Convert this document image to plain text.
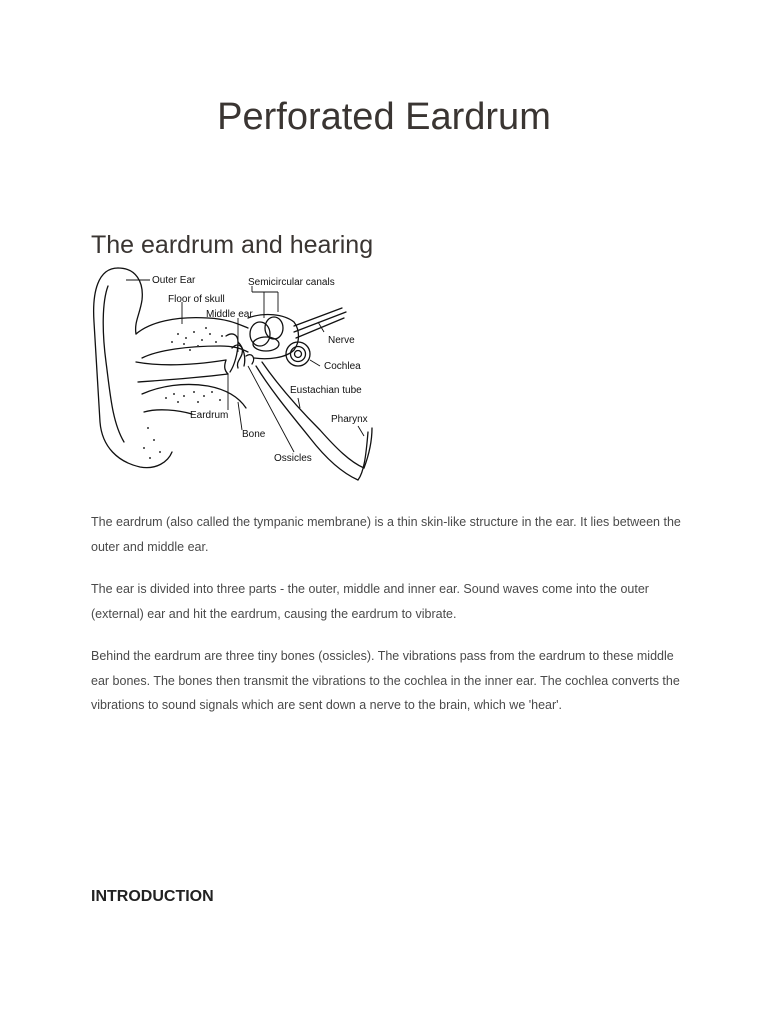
Perforated Eardrum
The eardrum and hearing
Outer Ear
Floor of skull
Middle ear
Semicircular canals
Nerve
Cochlea
Eustachian tube
Pharynx
Eardrum
Bone
Ossicles

The eardrum (also called the tympanic membrane) is a thin skin-like structure in the ear. It lies between the outer and middle ear.

The ear is divided into three parts - the outer, middle and inner ear. Sound waves come into the outer (external) ear and hit the eardrum, causing the eardrum to vibrate.

Behind the eardrum are three tiny bones (ossicles). The vibrations pass from the eardrum to these middle ear bones. The bones then transmit the vibrations to the cochlea in the inner ear. The cochlea converts the vibrations to sound signals which are sent down a nerve to the brain, which we 'hear'.

INTRODUCTION
